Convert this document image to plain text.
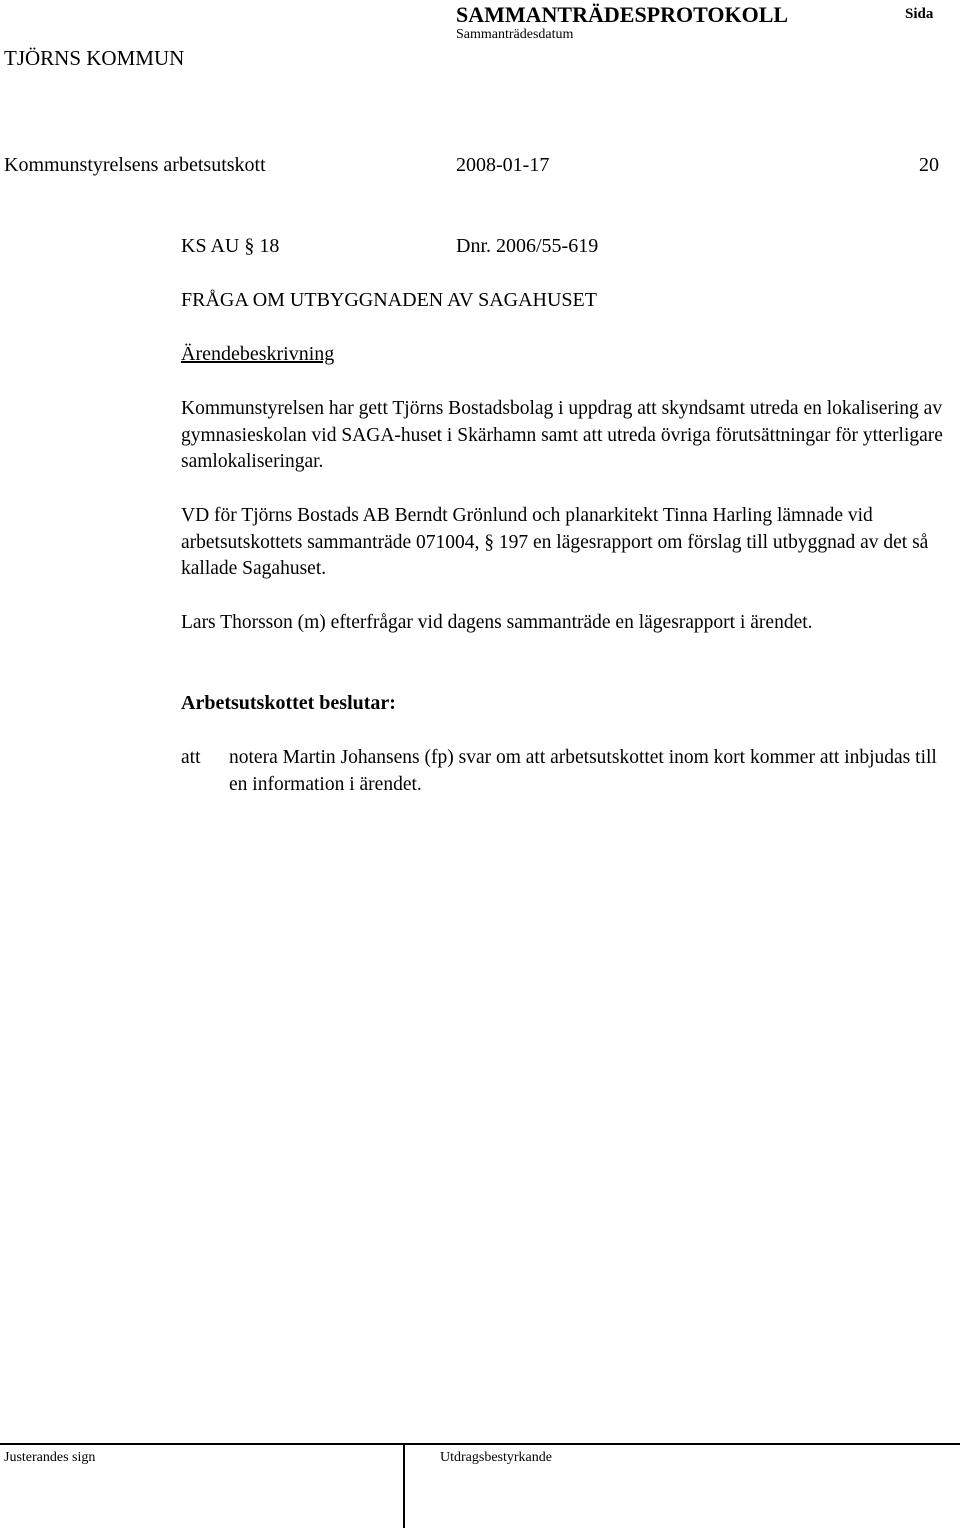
SAMMANTRÄDESPROTOKOLL	Sida
Sammanträdesdatum
TJÖRNS KOMMUN
Kommunstyrelsens arbetsutskott	2008-01-17	20
KS AU § 18	Dnr. 2006/55-619
FRÅGA OM UTBYGGNADEN AV SAGAHUSET
Ärendebeskrivning

Kommunstyrelsen har gett Tjörns Bostadsbolag i uppdrag att skyndsamt utreda en lokalisering av gymnasieskolan vid SAGA-huset i Skärhamn samt att utreda övriga förutsättningar för ytterligare samlokaliseringar.

VD för Tjörns Bostads AB Berndt Grönlund och planarkitekt Tinna Harling lämnade vid arbetsutskottets sammanträde 071004, § 197 en lägesrapport om förslag till utbyggnad av det så kallade Sagahuset.

Lars Thorsson (m) efterfrågar vid dagens sammanträde en lägesrapport i ärendet.

Arbetsutskottet beslutar:
att notera Martin Johansens (fp) svar om att arbetsutskottet inom kort kommer att inbjudas till en information i ärendet.

Justerandes sign	Utdragsbestyrkande
